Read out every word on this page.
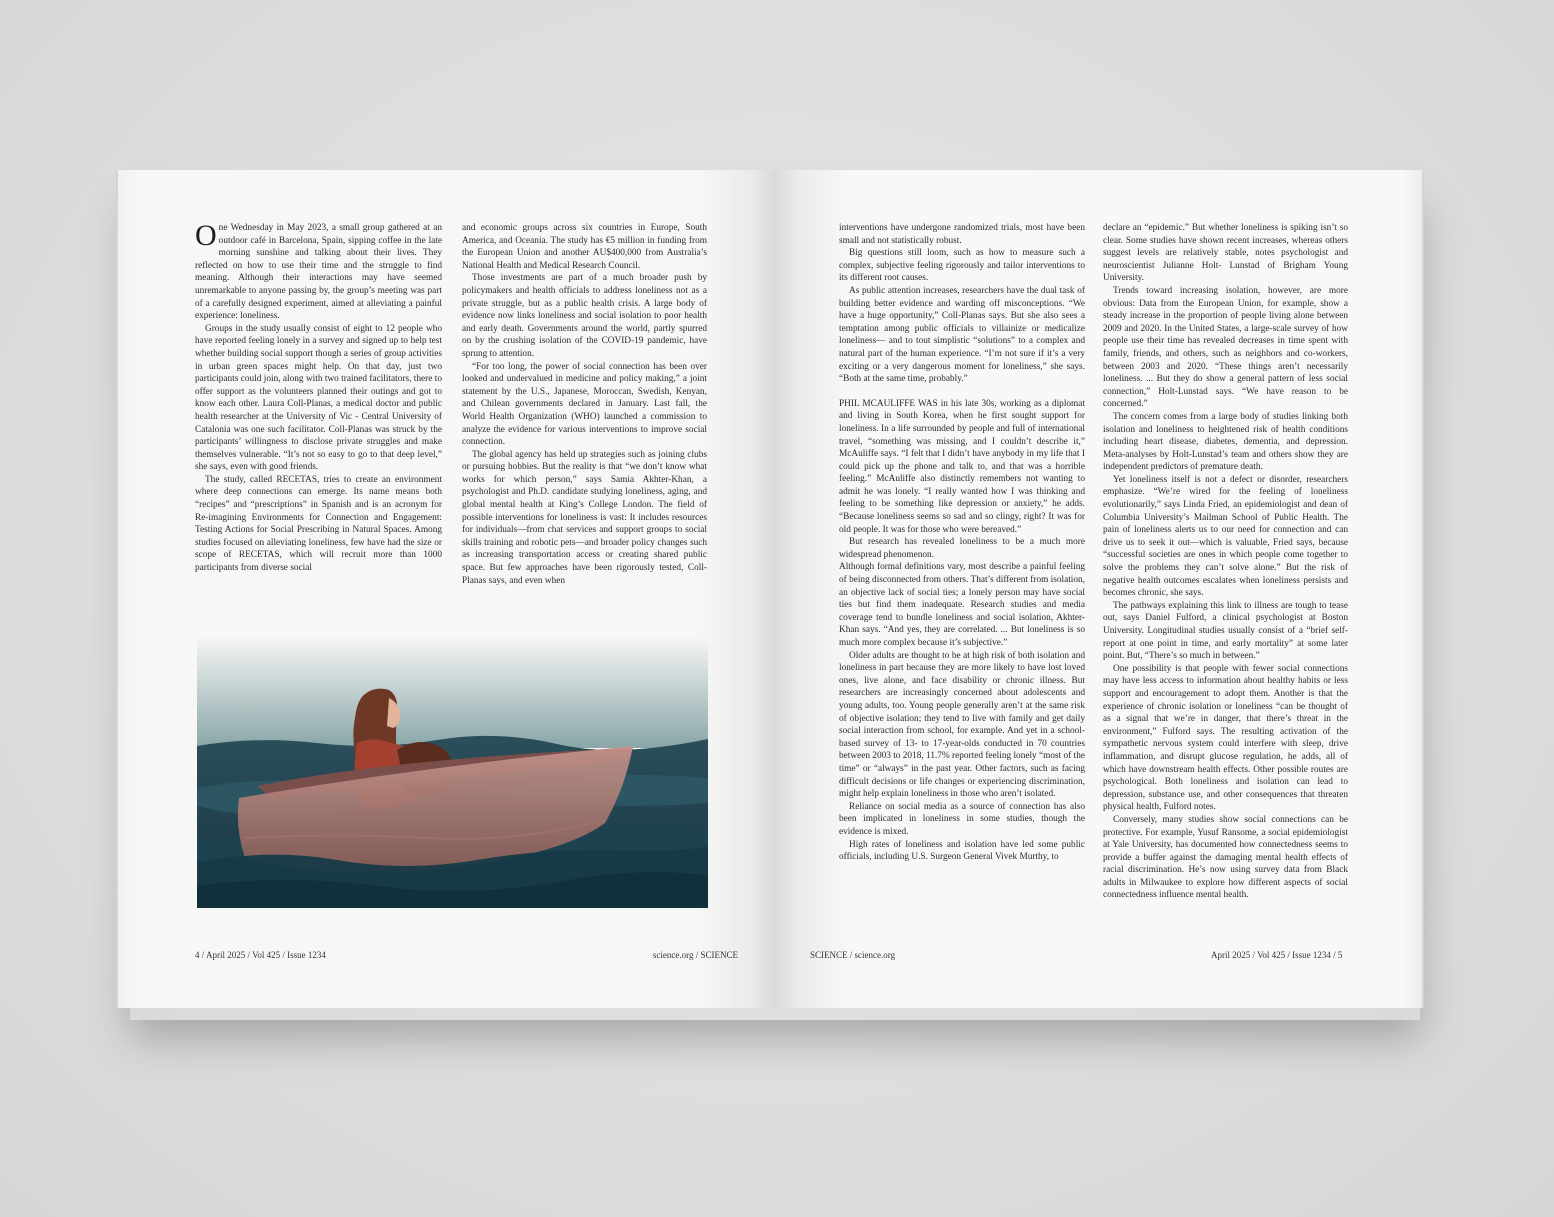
One Wednesday in May 2023, a small group gathered at an outdoor café in Barcelona, Spain, sipping coffee in the late morning sunshine and talking about their lives. They reflected on how to use their time and the struggle to find meaning. Although their interactions may have seemed unremarkable to anyone passing by, the group’s meeting was part of a carefully designed experiment, aimed at alleviating a painful experience: loneliness.

Groups in the study usually consist of eight to 12 people who have reported feeling lonely in a survey and signed up to help test whether building social support though a series of group activities in urban green spaces might help. On that day, just two participants could join, along with two trained facilitators, there to offer support as the volunteers planned their outings and got to know each other. Laura Coll-Planas, a medical doctor and public health researcher at the University of Vic - Central University of Catalonia was one such facilitator. Coll-Planas was struck by the participants’ willingness to disclose private struggles and make themselves vulnerable. “It’s not so easy to go to that deep level,” she says, even with good friends.

The study, called RECETAS, tries to create an environment where deep connections can emerge. Its name means both “recipes” and “prescriptions” in Spanish and is an acronym for Re-imagining Environments for Connection and Engagement: Testing Actions for Social Prescribing in Natural Spaces. Among studies focused on alleviating loneliness, few have had the size or scope of RECETAS, which will recruit more than 1000 participants from diverse social

and economic groups across six countries in Europe, South America, and Oceania. The study has €5 million in funding from the European Union and another AU$400,000 from Australia’s National Health and Medical Research Council.

Those investments are part of a much broader push by policymakers and health officials to address loneliness not as a private struggle, but as a public health crisis. A large body of evidence now links loneliness and social isolation to poor health and early death. Governments around the world, partly spurred on by the crushing isolation of the COVID-19 pandemic, have sprung to attention.

“For too long, the power of social connection has been over looked and undervalued in medicine and policy making,” a joint statement by the U.S., Japanese, Moroccan, Swedish, Kenyan, and Chilean governments declared in January. Last fall, the World Health Organization (WHO) launched a commission to analyze the evidence for various interventions to improve social connection.

The global agency has held up strategies such as joining clubs or pursuing hobbies. But the reality is that “we don’t know what works for which person,” says Samia Akhter-Khan, a psychologist and Ph.D. candidate studying loneliness, aging, and global mental health at King’s College London. The field of possible interventions for loneliness is vast: It includes resources for individuals—from chat services and support groups to social skills training and robotic pets—and broader policy changes such as increasing transportation access or creating shared public space. But few approaches have been rigorously tested, Coll-Planas says, and even when

4 / April 2025 / Vol 425 / Issue 1234	science.org / SCIENCE

interventions have undergone randomized trials, most have been small and not statistically robust.

Big questions still loom, such as how to measure such a complex, subjective feeling rigorously and tailor interventions to its different root causes.

As public attention increases, researchers have the dual task of building better evidence and warding off misconceptions. “We have a huge opportunity,” Coll-Planas says. But she also sees a temptation among public officials to villainize or medicalize loneliness— and to tout simplistic “solutions” to a complex and natural part of the human experience. “I’m not sure if it’s a very exciting or a very dangerous moment for loneliness,” she says. “Both at the same time, probably.”

PHIL MCAULIFFE WAS in his late 30s, working as a diplomat and living in South Korea, when he first sought support for loneliness. In a life surrounded by people and full of international travel, “something was missing, and I couldn’t describe it,” McAuliffe says. “I felt that I didn’t have anybody in my life that I could pick up the phone and talk to, and that was a horrible feeling.” McAuliffe also distinctly remembers not wanting to admit he was lonely. “I really wanted how I was thinking and feeling to be something like depression or anxiety,” he adds. “Because loneliness seems so sad and so clingy, right? It was for old people. It was for those who were bereaved.”

But research has revealed loneliness to be a much more widespread phenomenon.

Although formal definitions vary, most describe a painful feeling of being disconnected from others. That’s different from isolation, an objective lack of social ties; a lonely person may have social ties but find them inadequate. Research studies and media coverage tend to bundle loneliness and social isolation, Akhter-Khan says. “And yes, they are correlated. ... But loneliness is so much more complex because it’s subjective.”

Older adults are thought to be at high risk of both isolation and loneliness in part because they are more likely to have lost loved ones, live alone, and face disability or chronic illness. But researchers are increasingly concerned about adolescents and young adults, too. Young people generally aren’t at the same risk of objective isolation; they tend to live with family and get daily social interaction from school, for example. And yet in a school-based survey of 13- to 17-year-olds conducted in 70 countries between 2003 to 2018, 11.7% reported feeling lonely “most of the time” or “always” in the past year. Other factors, such as facing difficult decisions or life changes or experiencing discrimination, might help explain loneliness in those who aren’t isolated.

Reliance on social media as a source of connection has also been implicated in loneliness in some studies, though the evidence is mixed.

High rates of loneliness and isolation have led some public officials, including U.S. Surgeon General Vivek Murthy, to

declare an “epidemic.” But whether loneliness is spiking isn’t so clear. Some studies have shown recent increases, whereas others suggest levels are relatively stable, notes psychologist and neuroscientist Julianne Holt- Lunstad of Brigham Young University.

Trends toward increasing isolation, however, are more obvious: Data from the European Union, for example, show a steady increase in the proportion of people living alone between 2009 and 2020. In the United States, a large-scale survey of how people use their time has revealed decreases in time spent with family, friends, and others, such as neighbors and co-workers, between 2003 and 2020. “These things aren’t necessarily loneliness. ... But they do show a general pattern of less social connection,” Holt-Lunstad says. “We have reason to be concerned.”

The concern comes from a large body of studies linking both isolation and loneliness to heightened risk of health conditions including heart disease, diabetes, dementia, and depression. Meta-analyses by Holt-Lunstad’s team and others show they are independent predictors of premature death.

Yet loneliness itself is not a defect or disorder, researchers emphasize. “We’re wired for the feeling of loneliness evolutionarily,” says Linda Fried, an epidemiologist and dean of Columbia University’s Mailman School of Public Health. The pain of loneliness alerts us to our need for connection and can drive us to seek it out—which is valuable, Fried says, because “successful societies are ones in which people come together to solve the problems they can’t solve alone.” But the risk of negative health outcomes escalates when loneliness persists and becomes chronic, she says.

The pathways explaining this link to illness are tough to tease out, says Daniel Fulford, a clinical psychologist at Boston University. Longitudinal studies usually consist of a “brief self-report at one point in time, and early mortality” at some later point. But, “There’s so much in between.”

One possibility is that people with fewer social connections may have less access to information about healthy habits or less support and encouragement to adopt them. Another is that the experience of chronic isolation or loneliness “can be thought of as a signal that we’re in danger, that there’s threat in the environment,” Fulford says. The resulting activation of the sympathetic nervous system could interfere with sleep, drive inflammation, and disrupt glucose regulation, he adds, all of which have downstream health effects. Other possible routes are psychological. Both loneliness and isolation can lead to depression, substance use, and other consequences that threaten physical health, Fulford notes.

Conversely, many studies show social connections can be protective. For example, Yusuf Ransome, a social epidemiologist at Yale University, has documented how connectedness seems to provide a buffer against the damaging mental health effects of racial discrimination. He’s now using survey data from Black adults in Milwaukee to explore how different aspects of social connectedness influence mental health.

SCIENCE / science.org	April 2025 / Vol 425 / Issue 1234 / 5
